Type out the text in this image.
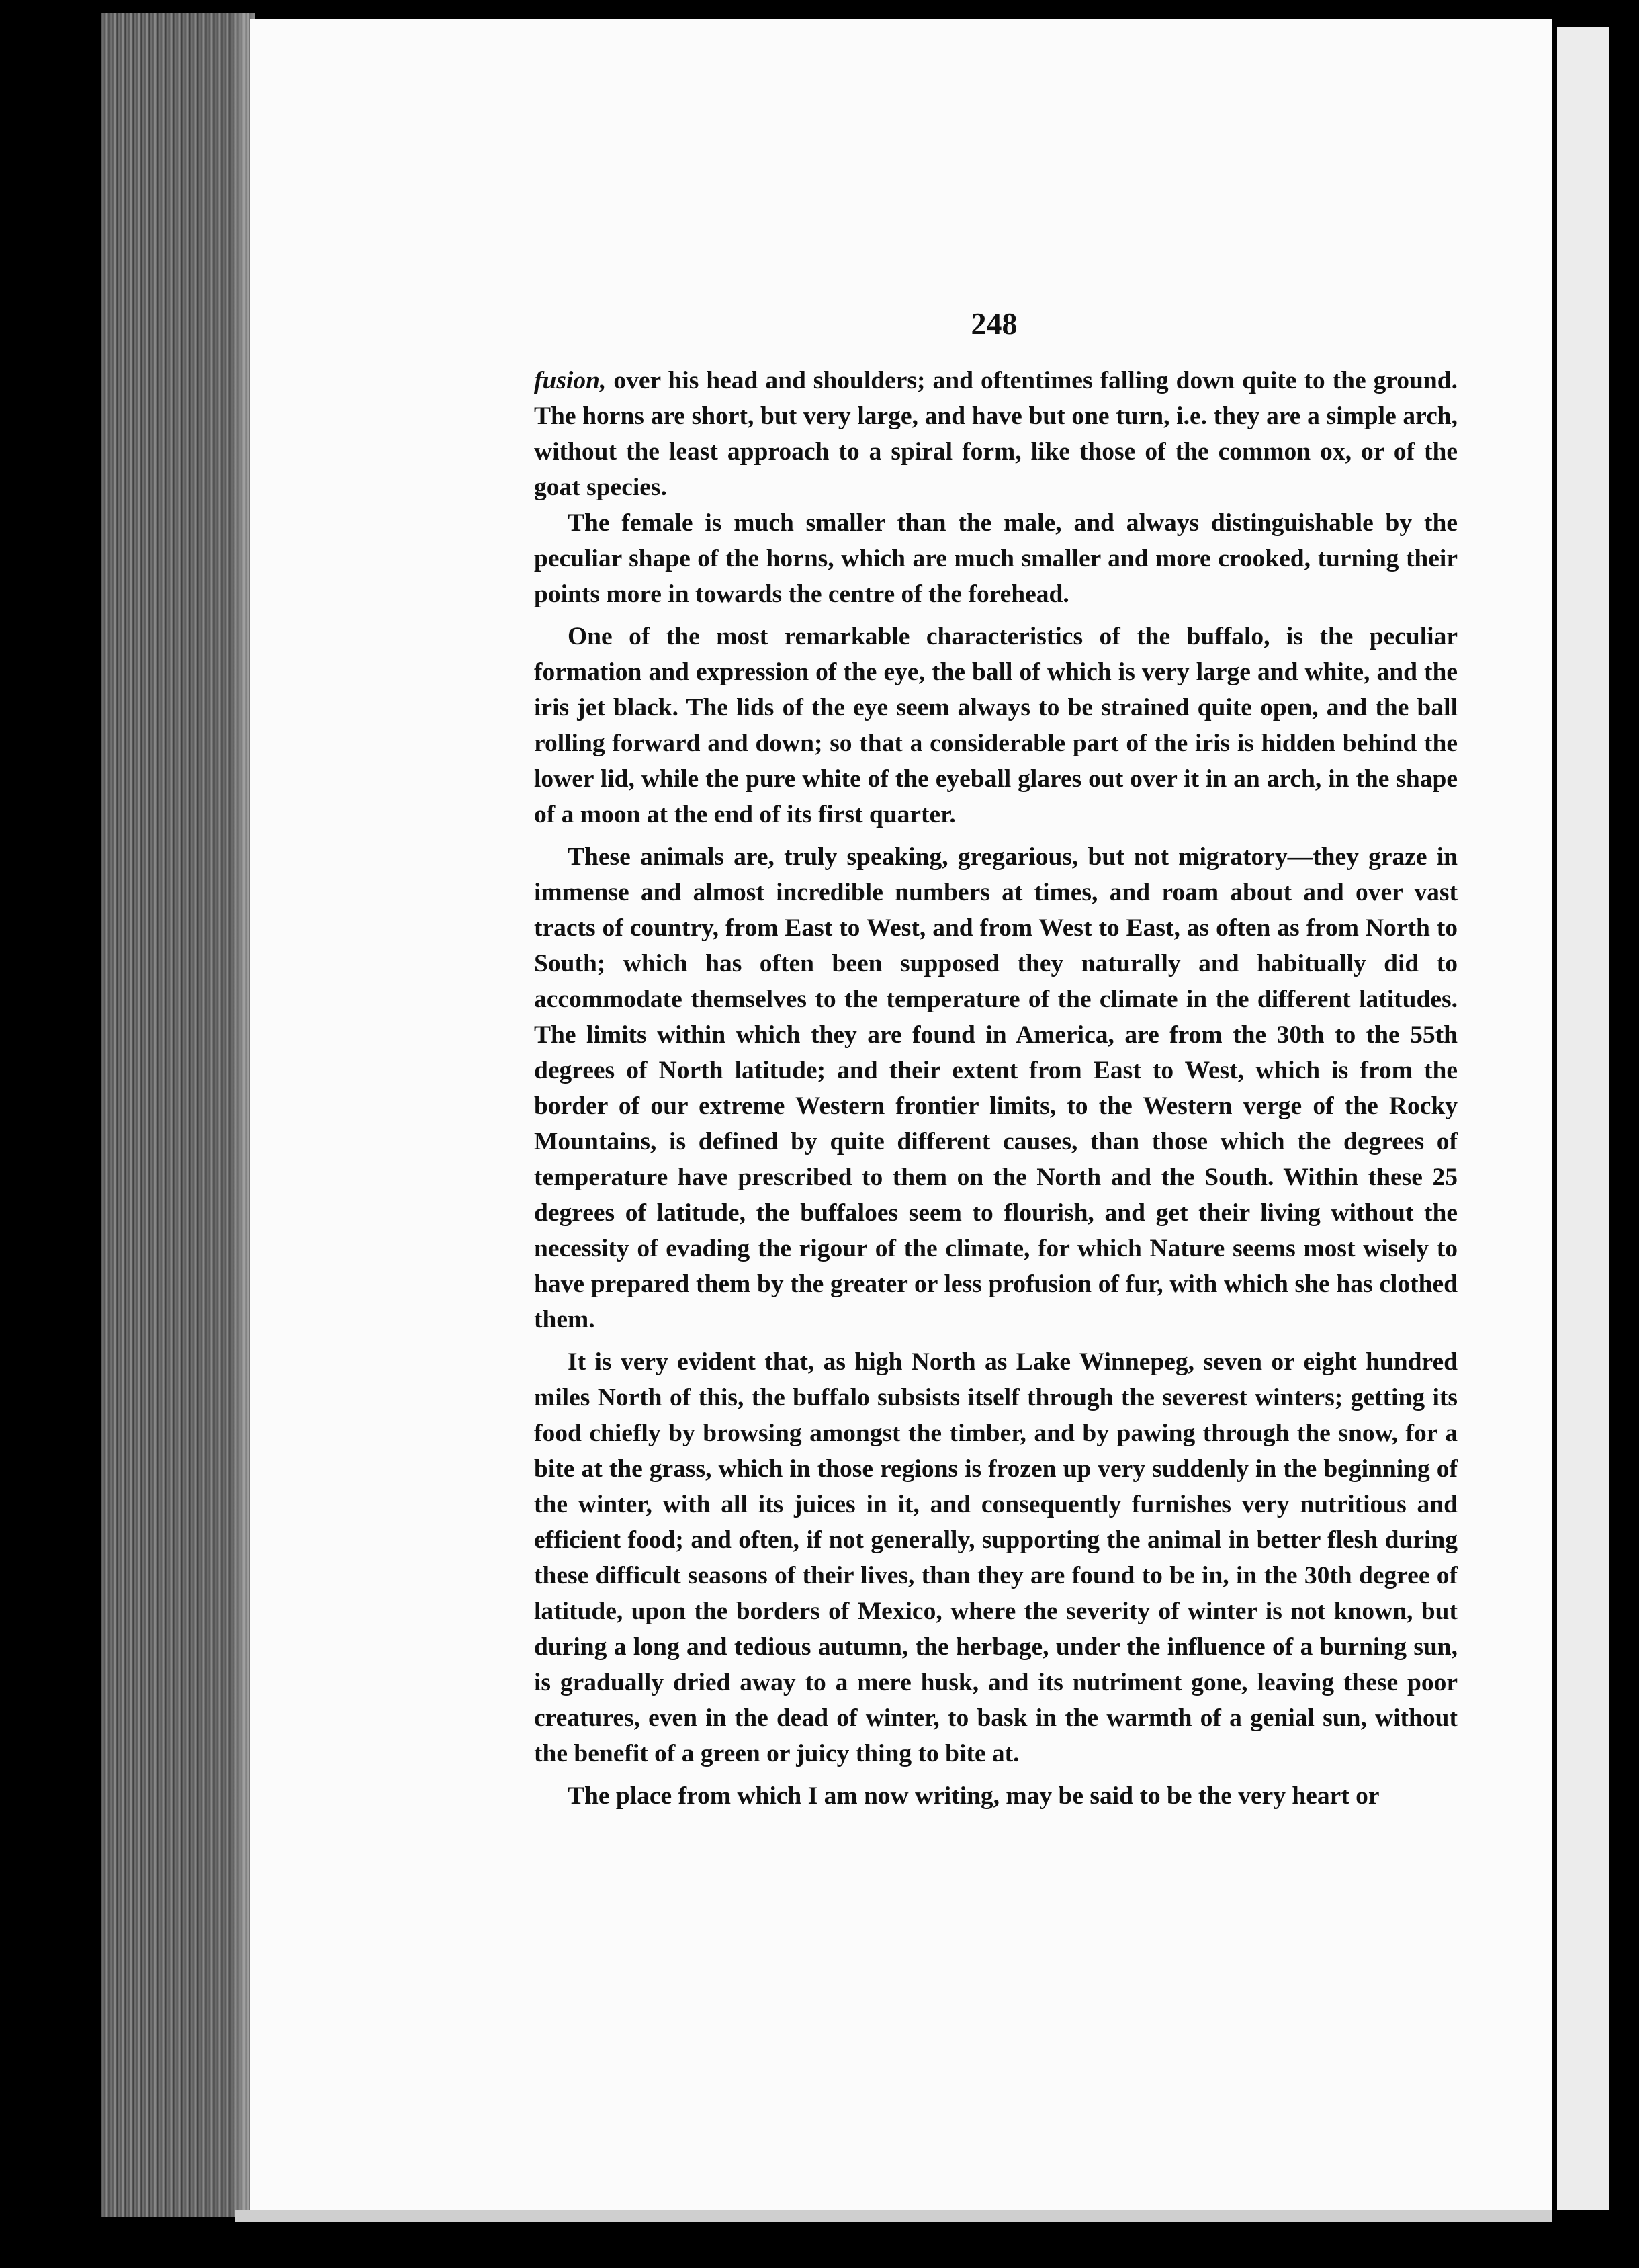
248

fusion, over his head and shoulders; and oftentimes falling down quite to the ground. The horns are short, but very large, and have but one turn, i.e. they are a simple arch, without the least approach to a spiral form, like those of the common ox, or of the goat species.

The female is much smaller than the male, and always distinguishable by the peculiar shape of the horns, which are much smaller and more crooked, turning their points more in towards the centre of the forehead.

One of the most remarkable characteristics of the buffalo, is the peculiar formation and expression of the eye, the ball of which is very large and white, and the iris jet black. The lids of the eye seem always to be strained quite open, and the ball rolling forward and down; so that a considerable part of the iris is hidden behind the lower lid, while the pure white of the eyeball glares out over it in an arch, in the shape of a moon at the end of its first quarter.

These animals are, truly speaking, gregarious, but not migratory—they graze in immense and almost incredible numbers at times, and roam about and over vast tracts of country, from East to West, and from West to East, as often as from North to South; which has often been supposed they naturally and habitually did to accommodate themselves to the temperature of the climate in the different latitudes. The limits within which they are found in America, are from the 30th to the 55th degrees of North latitude; and their extent from East to West, which is from the border of our extreme Western frontier limits, to the Western verge of the Rocky Mountains, is defined by quite different causes, than those which the degrees of temperature have prescribed to them on the North and the South. Within these 25 degrees of latitude, the buffaloes seem to flourish, and get their living without the necessity of evading the rigour of the climate, for which Nature seems most wisely to have prepared them by the greater or less profusion of fur, with which she has clothed them.

It is very evident that, as high North as Lake Winnepeg, seven or eight hundred miles North of this, the buffalo subsists itself through the severest winters; getting its food chiefly by browsing amongst the timber, and by pawing through the snow, for a bite at the grass, which in those regions is frozen up very suddenly in the beginning of the winter, with all its juices in it, and consequently furnishes very nutritious and efficient food; and often, if not generally, supporting the animal in better flesh during these difficult seasons of their lives, than they are found to be in, in the 30th degree of latitude, upon the borders of Mexico, where the severity of winter is not known, but during a long and tedious autumn, the herbage, under the influence of a burning sun, is gradually dried away to a mere husk, and its nutriment gone, leaving these poor creatures, even in the dead of winter, to bask in the warmth of a genial sun, without the benefit of a green or juicy thing to bite at.

The place from which I am now writing, may be said to be the very heart or
